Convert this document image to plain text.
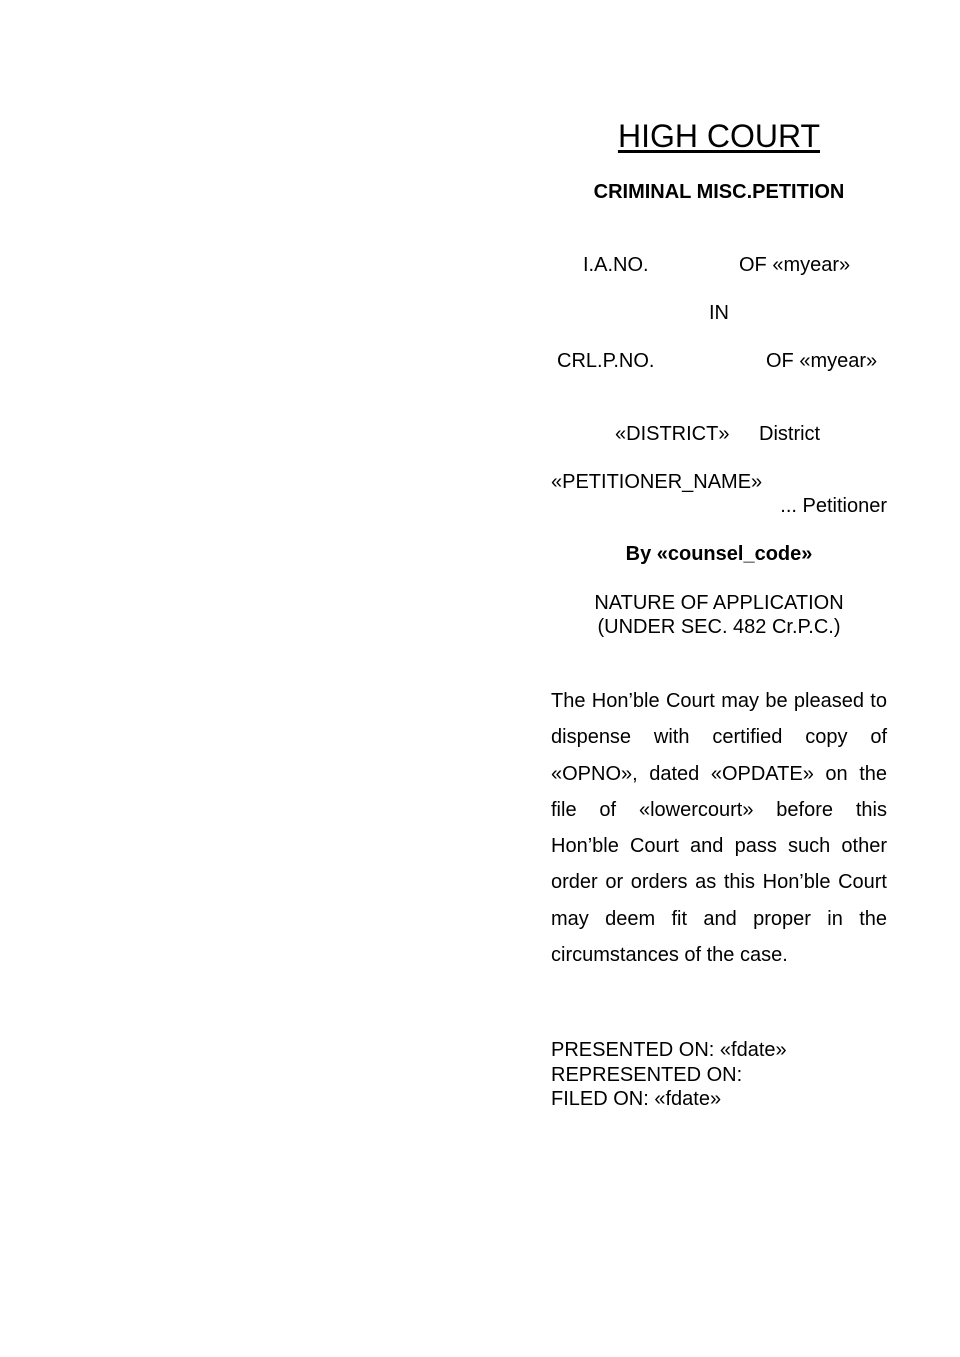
HIGH COURT
CRIMINAL MISC.PETITION
I.A.NO.	OF «myear»
IN
CRL.P.NO.	OF «myear»
«DISTRICT» District
«PETITIONER_NAME»
... Petitioner
By «counsel_code»
NATURE OF APPLICATION
(UNDER SEC. 482 Cr.P.C.)
The Hon’ble Court may be pleased to dispense with certified copy of «OPNO», dated «OPDATE» on the file of «lowercourt» before this Hon’ble Court and pass such other order or orders as this Hon’ble Court may deem fit and proper in the circumstances of the case.
PRESENTED ON: «fdate»
REPRESENTED ON:
FILED ON: «fdate»
